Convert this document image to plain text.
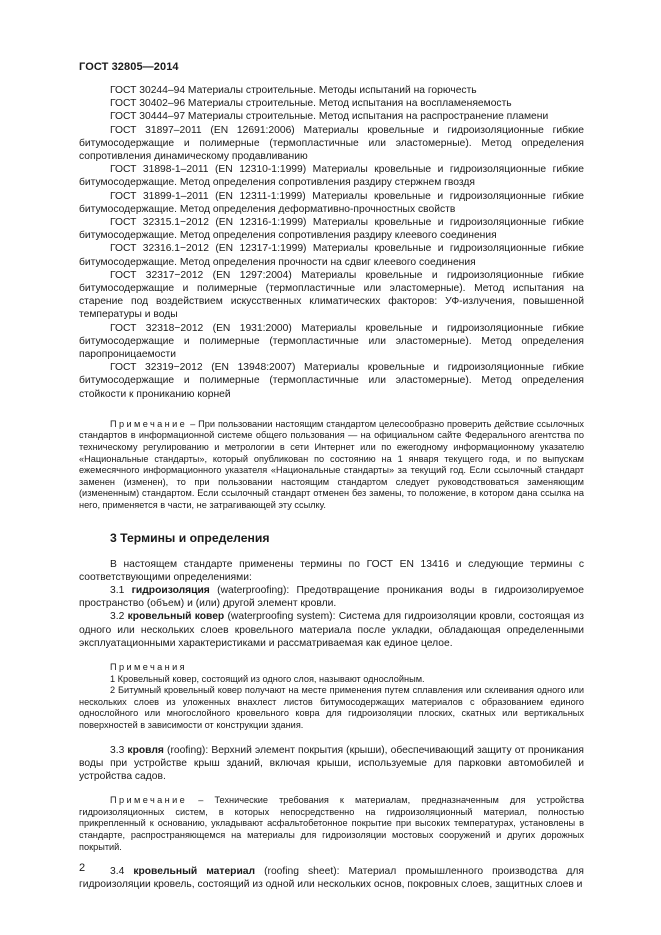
ГОСТ 32805—2014

ГОСТ 30244–94 Материалы строительные. Методы испытаний на горючесть

ГОСТ 30402–96 Материалы строительные. Метод испытания на воспламеняемость

ГОСТ 30444–97 Материалы строительные. Метод испытания на распространение пламени

ГОСТ 31897–2011 (EN 12691:2006) Материалы кровельные и гидроизоляционные гибкие битумосодержащие и полимерные (термопластичные или эластомерные). Метод определения сопротивления динамическому продавливанию

ГОСТ 31898-1–2011 (EN 12310-1:1999) Материалы кровельные и гидроизоляционные гибкие битумосодержащие. Метод определения сопротивления раздиру стержнем гвоздя

ГОСТ 31899-1–2011 (EN 12311-1:1999) Материалы кровельные и гидроизоляционные гибкие битумосодержащие. Метод определения деформативно-прочностных свойств

ГОСТ 32315.1−2012 (EN 12316-1:1999) Материалы кровельные и гидроизоляционные гибкие битумосодержащие. Метод определения сопротивления раздиру клеевого соединения

ГОСТ 32316.1−2012 (EN 12317-1:1999) Материалы кровельные и гидроизоляционные гибкие битумосодержащие. Метод определения прочности на сдвиг клеевого соединения

ГОСТ 32317−2012 (EN 1297:2004) Материалы кровельные и гидроизоляционные гибкие битумосодержащие и полимерные (термопластичные или эластомерные). Метод испытания на старение под воздействием искусственных климатических факторов: УФ-излучения, повышенной температуры и воды

ГОСТ 32318−2012 (EN 1931:2000) Материалы кровельные и гидроизоляционные гибкие битумосодержащие и полимерные (термопластичные или эластомерные). Метод определения паропроницаемости

ГОСТ 32319−2012 (EN 13948:2007) Материалы кровельные и гидроизоляционные гибкие битумосодержащие и полимерные (термопластичные или эластомерные). Метод определения стойкости к прониканию корней

Примечание – При пользовании настоящим стандартом целесообразно проверить действие ссылочных стандартов в информационной системе общего пользования — на официальном сайте Федерального агентства по техническому регулированию и метрологии в сети Интернет или по ежегодному информационному указателю «Национальные стандарты», который опубликован по состоянию на 1 января текущего года, и по выпускам ежемесячного информационного указателя «Национальные стандарты» за текущий год. Если ссылочный стандарт заменен (изменен), то при пользовании настоящим стандартом следует руководствоваться заменяющим (измененным) стандартом. Если ссылочный стандарт отменен без замены, то положение, в котором дана ссылка на него, применяется в части, не затрагивающей эту ссылку.

3 Термины и определения

В настоящем стандарте применены термины по ГОСТ EN 13416 и следующие термины с соответствующими определениями:

3.1 гидроизоляция (waterproofing): Предотвращение проникания воды в гидроизолируемое пространство (объем) и (или) другой элемент кровли.

3.2 кровельный ковер (waterproofing system): Система для гидроизоляции кровли, состоящая из одного или нескольких слоев кровельного материала после укладки, обладающая определенными эксплуатационными характеристиками и рассматриваемая как единое целое.

Примечания

1 Кровельный ковер, состоящий из одного слоя, называют однослойным.

2 Битумный кровельный ковер получают на месте применения путем сплавления или склеивания одного или нескольких слоев из уложенных внахлест листов битумосодержащих материалов с образованием единого однослойного или многослойного кровельного ковра для гидроизоляции плоских, скатных или вертикальных поверхностей в зависимости от конструкции здания.

3.3 кровля (roofing): Верхний элемент покрытия (крыши), обеспечивающий защиту от проникания воды при устройстве крыш зданий, включая крыши, используемые для парковки автомобилей и устройства садов.

Примечание – Технические требования к материалам, предназначенным для устройства гидроизоляционных систем, в которых непосредственно на гидроизоляционный материал, полностью прикрепленный к основанию, укладывают асфальтобетонное покрытие при высоких температурах, установлены в стандарте, распространяющемся на материалы для гидроизоляции мостовых сооружений и других дорожных покрытий.

3.4 кровельный материал (roofing sheet): Материал промышленного производства для гидроизоляции кровель, состоящий из одной или нескольких основ, покровных слоев, защитных слоев и

2
